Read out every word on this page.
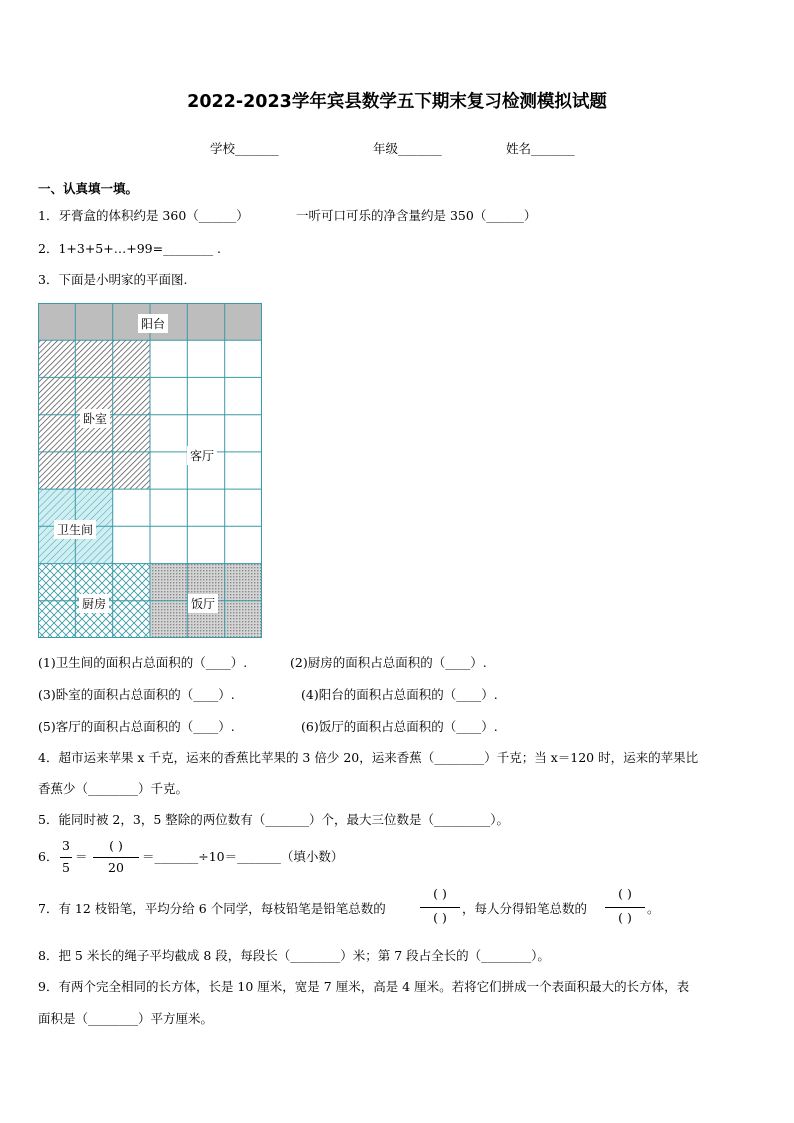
2022-2023学年宾县数学五下期末复习检测模拟试题
学校_______	年级_______	姓名_______
一、认真填一填。
1．牙膏盒的体积约是 360（______）	一听可口可乐的净含量约是 350（______）
2．1+3+5+…+99=________ .
3．下面是小明家的平面图.
阳台
卧室
客厅
卫生间
厨房	饭厅
(1)卫生间的面积占总面积的（____）.	(2)厨房的面积占总面积的（____）.
(3)卧室的面积占总面积的（____）.	(4)阳台的面积占总面积的（____）.
(5)客厅的面积占总面积的（____）.	(6)饭厅的面积占总面积的（____）.
4．超市运来苹果 x 千克，运来的香蕉比苹果的 3 倍少 20，运来香蕉（________）千克；当 x＝120 时，运来的苹果比
香蕉少（________）千克。
5．能同时被 2，3，5 整除的两位数有（_______）个，最大三位数是（_________）。
6．
3
5
＝
( )
20
＝_______÷10＝_______（填小数）
7．有 12 枝铅笔，平均分给 6 个同学，每枝铅笔是铅笔总数的
( )
( )
，每人分得铅笔总数的
( )
( )
。
8．把 5 米长的绳子平均截成 8 段，每段长（________）米；第 7 段占全长的（________）。
9．有两个完全相同的长方体，长是 10 厘米，宽是 7 厘米，高是 4 厘米。若将它们拼成一个表面积最大的长方体，表
面积是（________）平方厘米。
